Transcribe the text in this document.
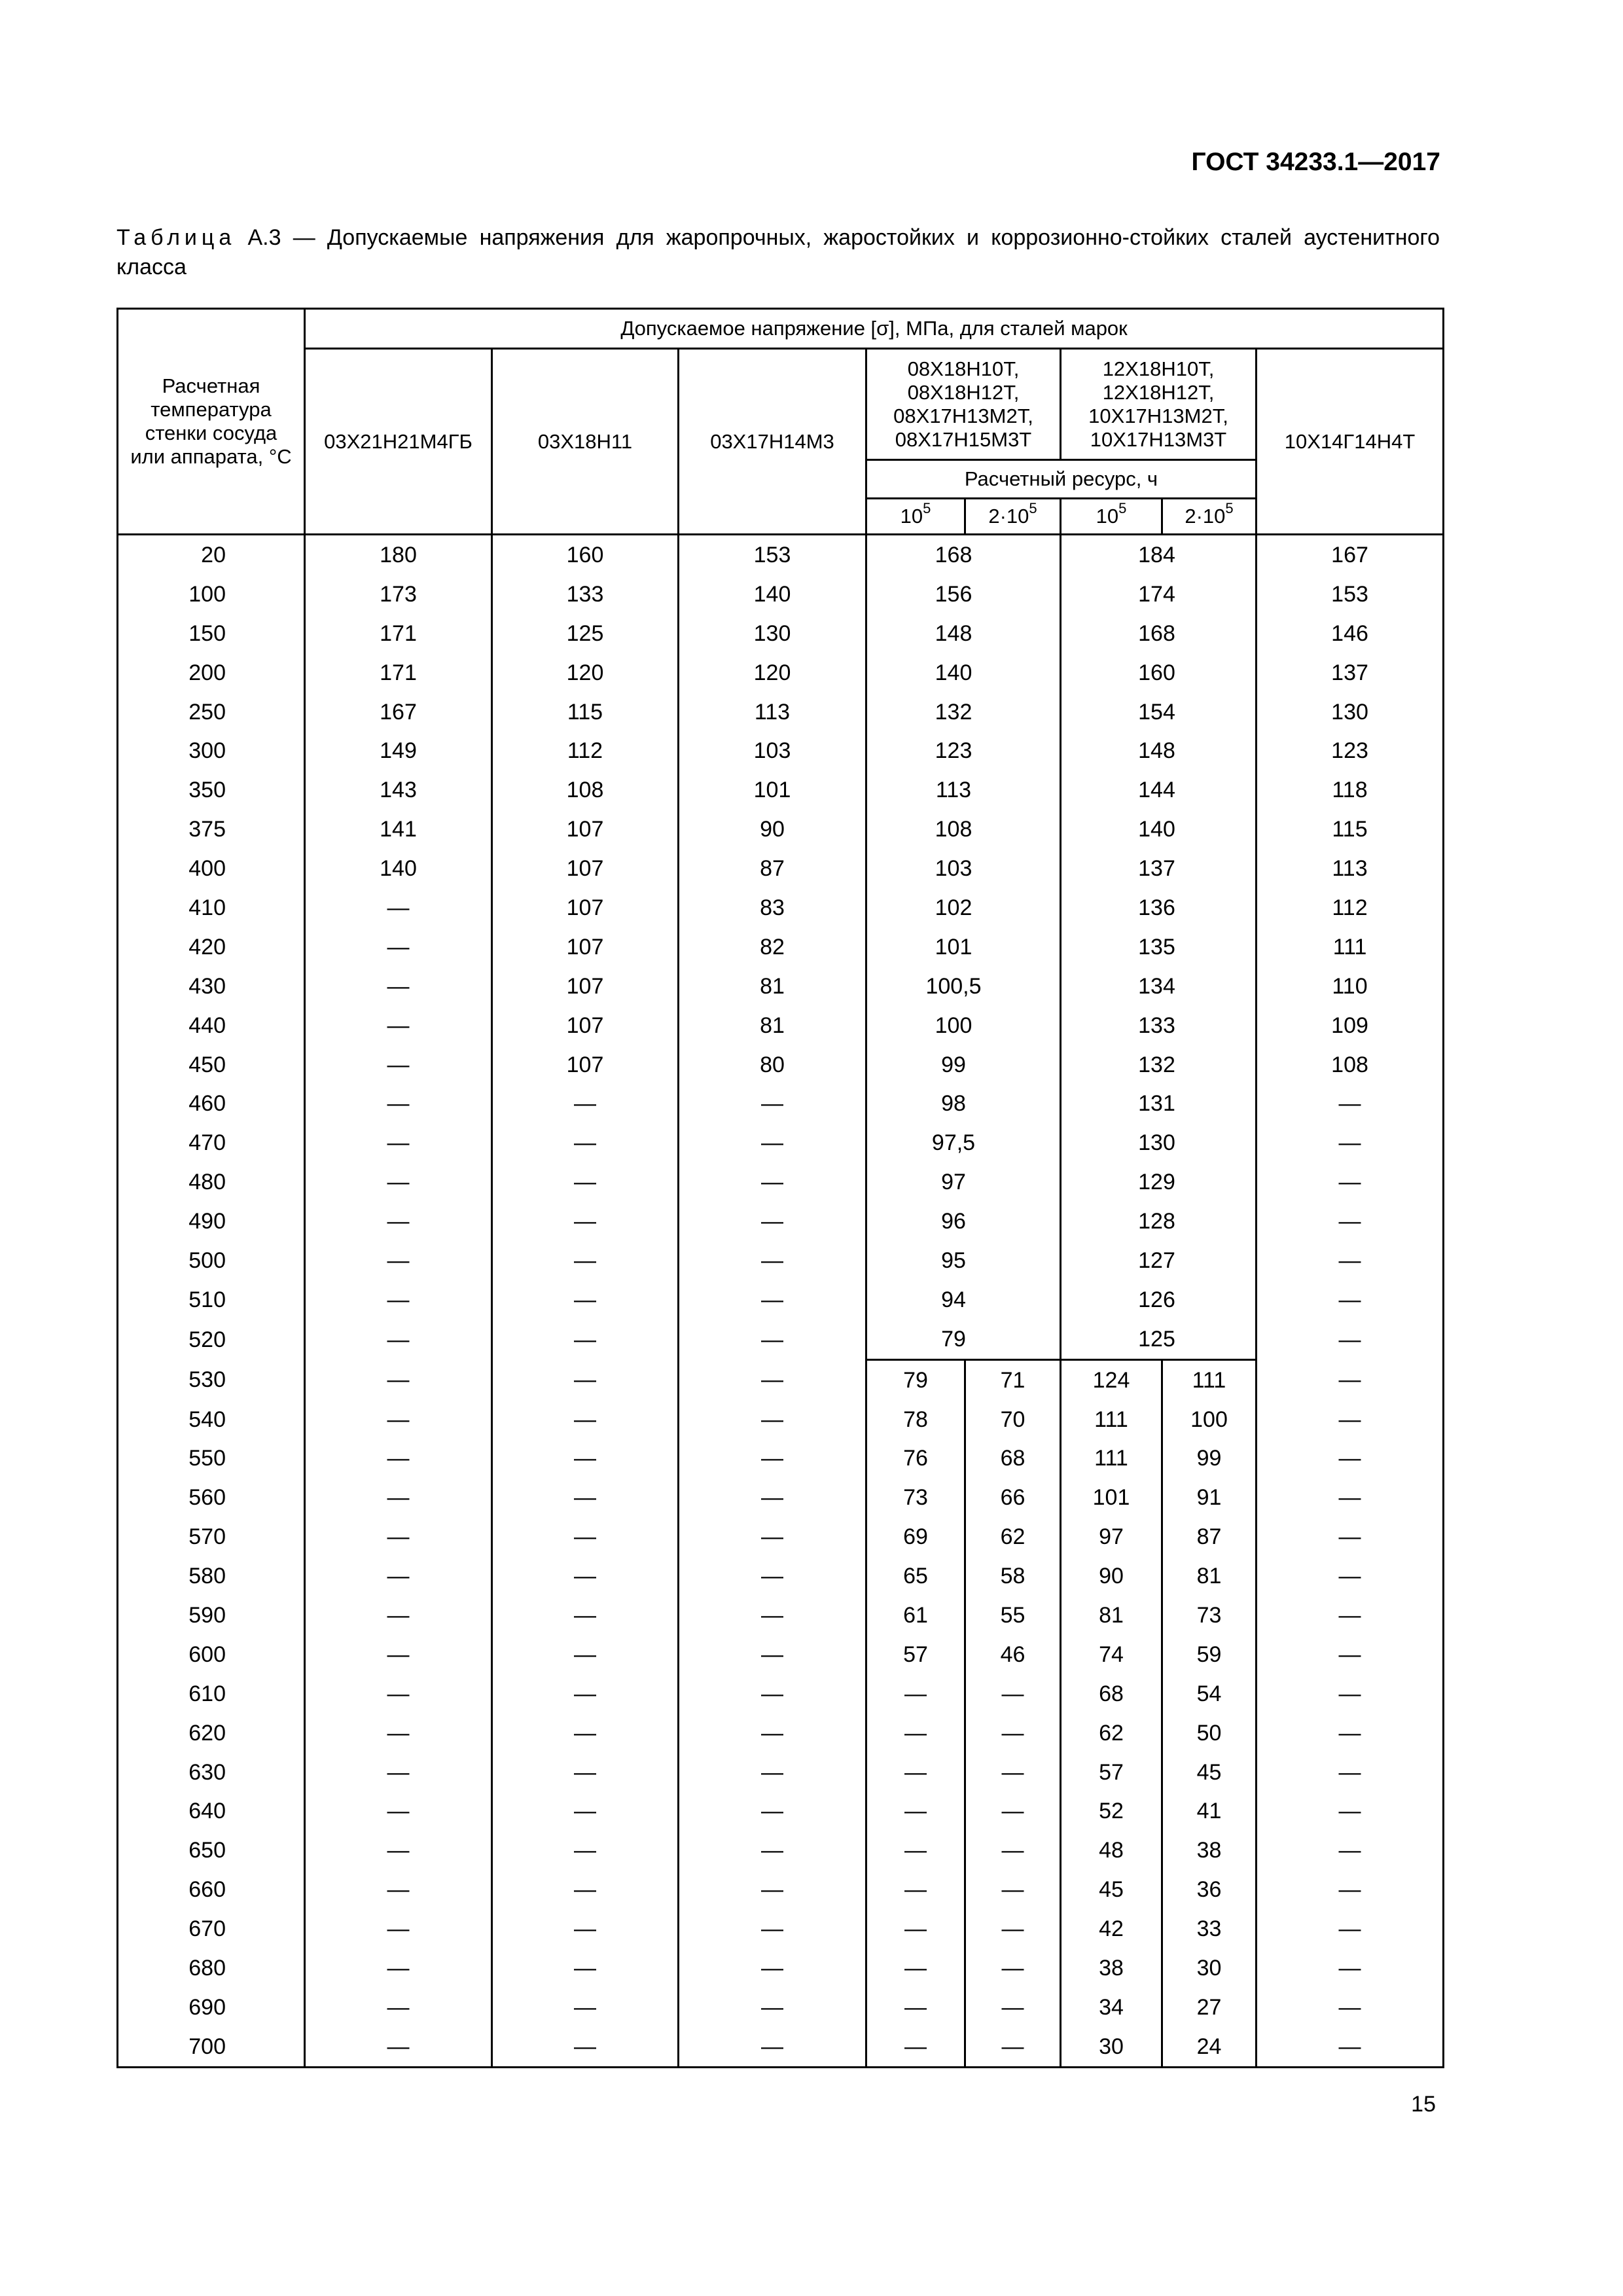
ГОСТ 34233.1—2017
Таблица А.3 — Допускаемые напряжения для жаропрочных, жаростойких и коррозионно-стойких сталей аустенитного класса
Расчетная температура стенки сосуда или аппарата, °C	Допускаемое напряжение [σ], МПа, для сталей марок							
	03Х21Н21М4ГБ	03Х18Н11	03Х17Н14М3	08Х18Н10Т, 08Х18Н12Т, 08Х17Н13М2Т, 08Х17Н15М3Т		12Х18Н10Т, 12Х18Н12Т, 10Х17Н13М2Т, 10Х17Н13М3Т		10Х14Г14Н4Т
				Расчетный ресурс, ч				
				$10^5$	$2\cdot 10^5$	$10^5$	$2\cdot 10^5$
20	180	160	153	168		184		167
100	173	133	140	156		174		153
150	171	125	130	148		168		146
200	171	120	120	140		160		137
250	167	115	113	132		154		130
300	149	112	103	123		148		123
350	143	108	101	113		144		118
375	141	107	90	108		140		115
400	140	107	87	103		137		113
410	—	107	83	102		136		112
420	—	107	82	101		135		111
430	—	107	81	100,5		134		110
440	—	107	81	100		133		109
450	—	107	80	99		132		108
460	—	—	—	98		131		—
470	—	—	—	97,5		130		—
480	—	—	—	97		129		—
490	—	—	—	96		128		—
500	—	—	—	95		127		—
510	—	—	—	94		126		—
520	—	—	—	79		125		—
530	—	—	—	79	71	124	111	—
540	—	—	—	78	70	111	100	—
550	—	—	—	76	68	111	99	—
560	—	—	—	73	66	101	91	—
570	—	—	—	69	62	97	87	—
580	—	—	—	65	58	90	81	—
590	—	—	—	61	55	81	73	—
600	—	—	—	57	46	74	59	—
610	—	—	—	—	—	68	54	—
620	—	—	—	—	—	62	50	—
630	—	—	—	—	—	57	45	—
640	—	—	—	—	—	52	41	—
650	—	—	—	—	—	48	38	—
660	—	—	—	—	—	45	36	—
670	—	—	—	—	—	42	33	—
680	—	—	—	—	—	38	30	—
690	—	—	—	—	—	34	27	—
700	—	—	—	—	—	30	24	—
15
